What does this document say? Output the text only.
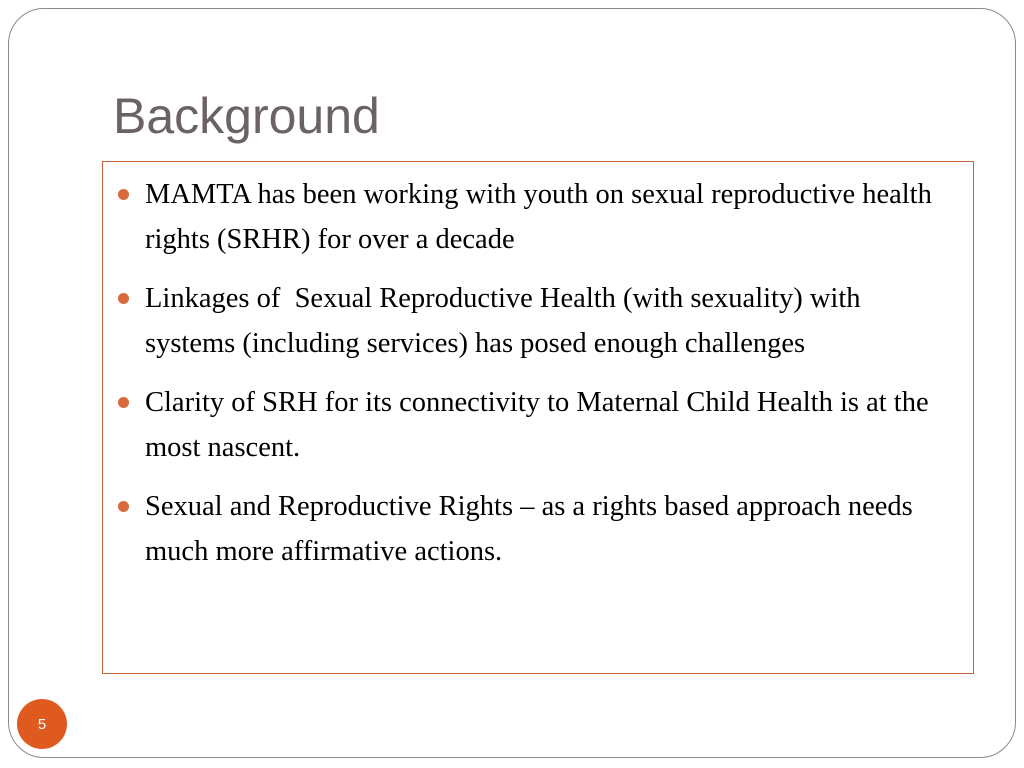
Background
MAMTA has been working with youth on sexual reproductive health rights (SRHR) for over a decade
Linkages of  Sexual Reproductive Health (with sexuality) with systems (including services) has posed enough challenges
Clarity of SRH for its connectivity to Maternal Child Health is at the most nascent.
Sexual and Reproductive Rights – as a rights based approach needs much more affirmative actions.
5
